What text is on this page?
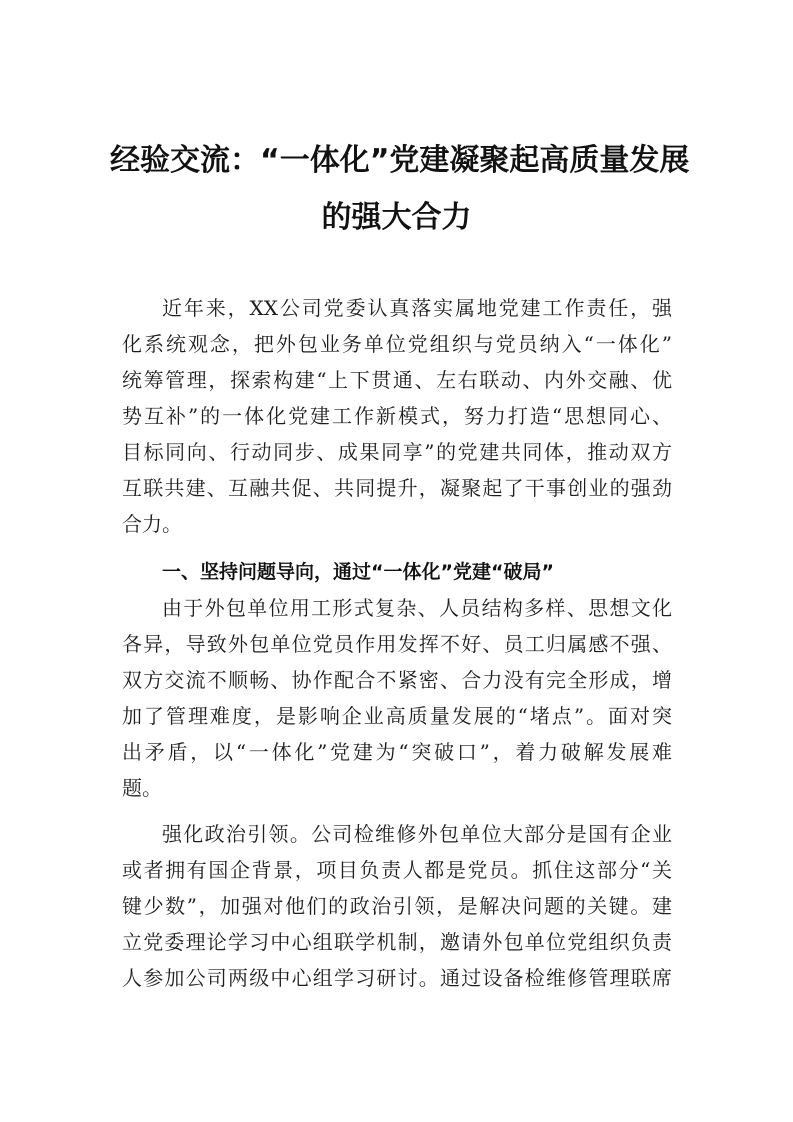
经验交流：“一体化”党建凝聚起高质量发展
的强大合力
近年来，XX公司党委认真落实属地党建工作责任，强
化系统观念，把外包业务单位党组织与党员纳入“一体化”
统筹管理，探索构建“上下贯通、左右联动、内外交融、优
势互补”的一体化党建工作新模式，努力打造“思想同心、
目标同向、行动同步、成果同享”的党建共同体，推动双方
互联共建、互融共促、共同提升，凝聚起了干事创业的强劲
合力。
一、坚持问题导向，通过“一体化”党建“破局”
由于外包单位用工形式复杂、人员结构多样、思想文化
各异，导致外包单位党员作用发挥不好、员工归属感不强、
双方交流不顺畅、协作配合不紧密、合力没有完全形成，增
加了管理难度，是影响企业高质量发展的“堵点”。面对突
出矛盾，以“一体化”党建为“突破口”，着力破解发展难
题。
强化政治引领。公司检维修外包单位大部分是国有企业
或者拥有国企背景，项目负责人都是党员。抓住这部分“关
键少数”，加强对他们的政治引领，是解决问题的关键。建
立党委理论学习中心组联学机制，邀请外包单位党组织负责
人参加公司两级中心组学习研讨。通过设备检维修管理联席
